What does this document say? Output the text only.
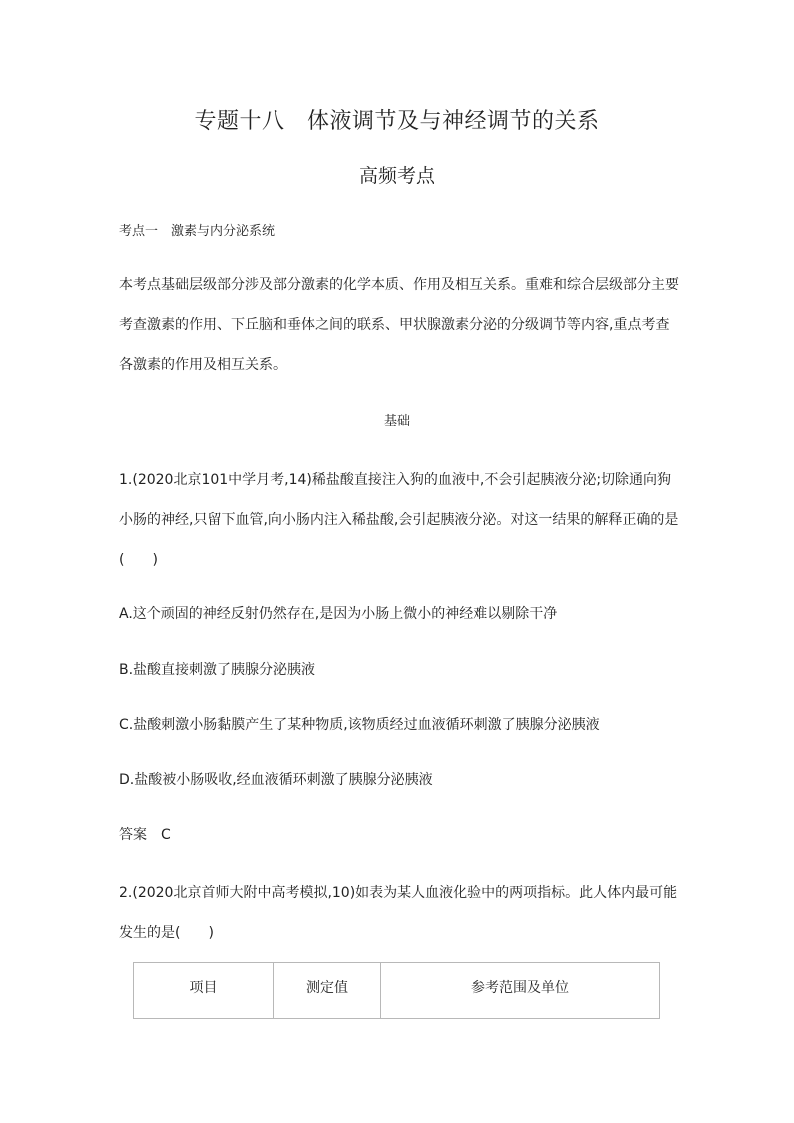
专题十八　体液调节及与神经调节的关系
高频考点
考点一　激素与内分泌系统
本考点基础层级部分涉及部分激素的化学本质、作用及相互关系。重难和综合层级部分主要考查激素的作用、下丘脑和垂体之间的联系、甲状腺激素分泌的分级调节等内容,重点考查各激素的作用及相互关系。
基础
1.(2020北京101中学月考,14)稀盐酸直接注入狗的血液中,不会引起胰液分泌;切除通向狗小肠的神经,只留下血管,向小肠内注入稀盐酸,会引起胰液分泌。对这一结果的解释正确的是　　(　　)
A.这个顽固的神经反射仍然存在,是因为小肠上微小的神经难以剔除干净
B.盐酸直接刺激了胰腺分泌胰液
C.盐酸刺激小肠黏膜产生了某种物质,该物质经过血液循环刺激了胰腺分泌胰液
D.盐酸被小肠吸收,经血液循环刺激了胰腺分泌胰液
答案　C
2.(2020北京首师大附中高考模拟,10)如表为某人血液化验中的两项指标。此人体内最可能发生的是(　　)
项目	测定值	参考范围及单位
